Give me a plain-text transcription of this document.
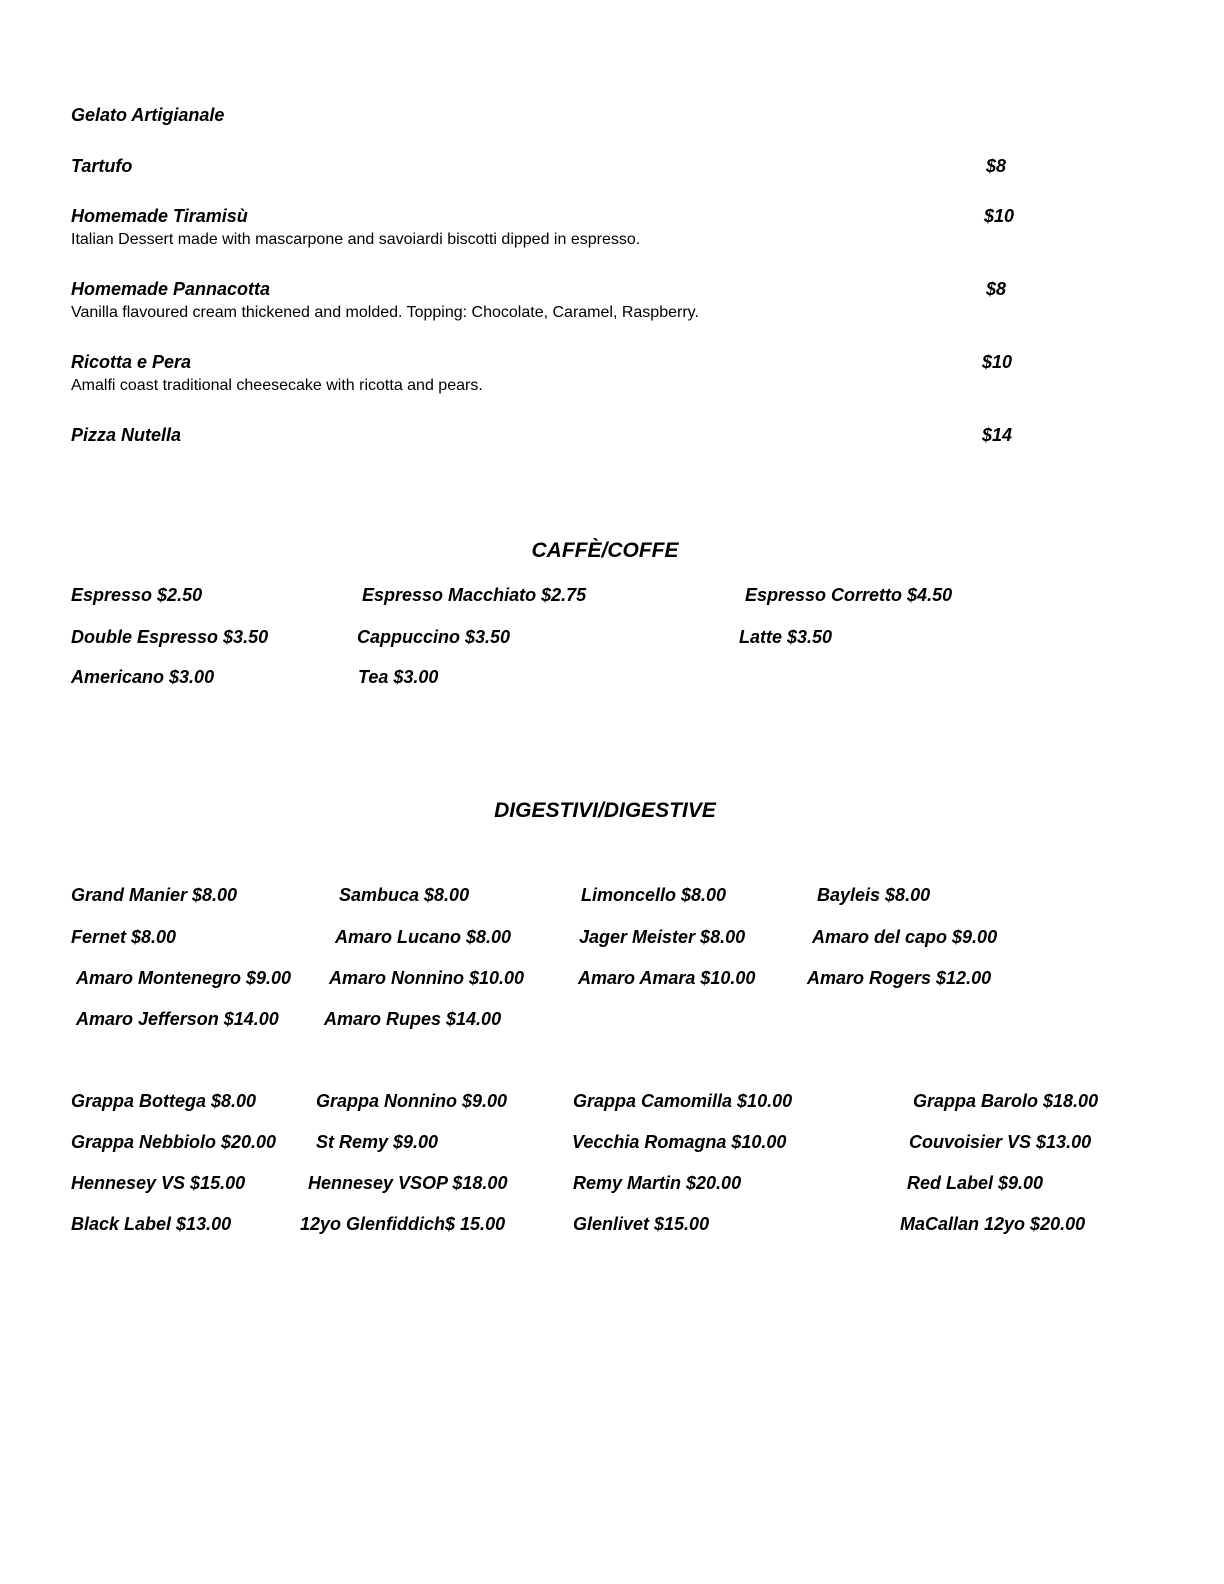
Gelato Artigianale
Tartufo	$8
Homemade Tiramisù	$10
Italian Dessert made with mascarpone and savoiardi biscotti dipped in espresso.
Homemade Pannacotta	$8
Vanilla flavoured cream thickened and molded. Topping: Chocolate, Caramel, Raspberry.
Ricotta e Pera	$10
Amalfi coast traditional cheesecake with ricotta and pears.
Pizza Nutella	$14
CAFFÈ/COFFE
Espresso $2.50	Espresso Macchiato $2.75	Espresso Corretto $4.50
Double Espresso $3.50	Cappuccino $3.50	Latte $3.50
Americano $3.00	Tea $3.00
DIGESTIVI/DIGESTIVE
Grand Manier $8.00	Sambuca $8.00	Limoncello $8.00	Bayleis $8.00
Fernet $8.00	Amaro Lucano $8.00	Jager Meister $8.00	Amaro del capo $9.00
Amaro Montenegro $9.00 Amaro Nonnino $10.00	Amaro Amara $10.00	Amaro Rogers $12.00
Amaro Jefferson $14.00	Amaro Rupes $14.00
Grappa Bottega $8.00	Grappa Nonnino $9.00	Grappa Camomilla $10.00	Grappa Barolo $18.00
Grappa Nebbiolo $20.00 St Remy $9.00	Vecchia Romagna $10.00	Couvoisier VS $13.00
Hennesey VS $15.00	Hennesey VSOP $18.00	Remy Martin $20.00	Red Label $9.00
Black Label $13.00	12yo Glenfiddich$ 15.00	Glenlivet $15.00	MaCallan 12yo $20.00
